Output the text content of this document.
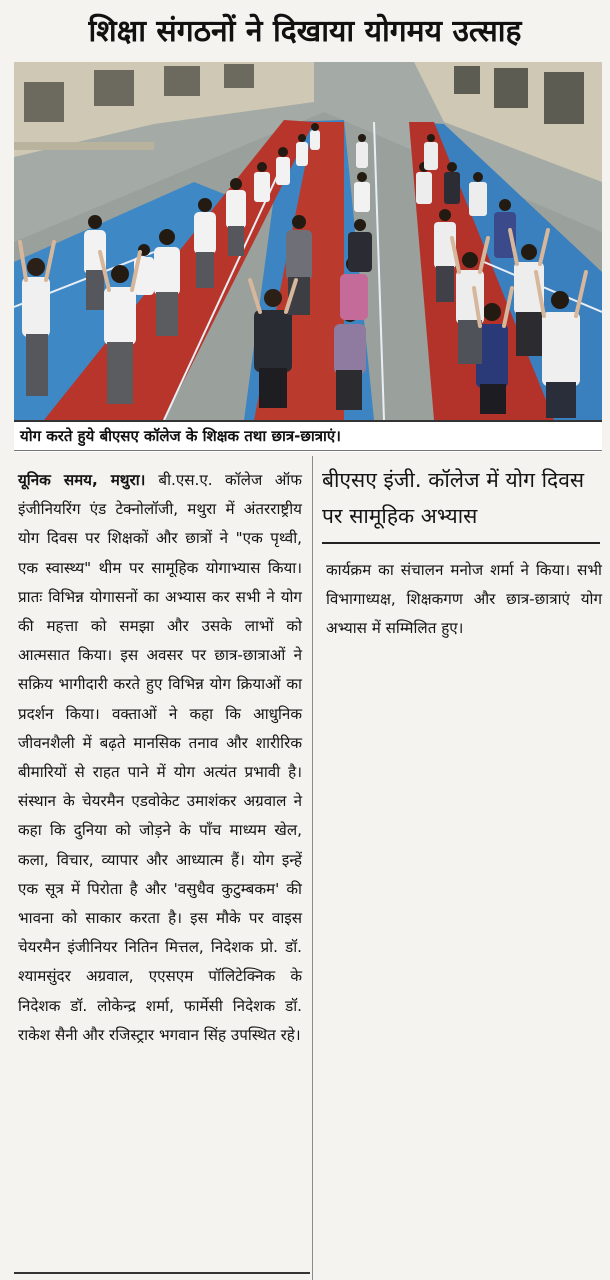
शिक्षा संगठनों ने दिखाया योगमय उत्साह
योग करते हुये बीएसए कॉलेज के शिक्षक तथा छात्र-छात्राएं।
यूनिक समय, मथुरा। बी.एस.ए. कॉलेज ऑफ इंजीनियरिंग एंड टेक्नोलॉजी, मथुरा में अंतरराष्ट्रीय योग दिवस पर शिक्षकों और छात्रों ने "एक पृथ्वी, एक स्वास्थ्य" थीम पर सामूहिक योगाभ्यास किया। प्रातः विभिन्न योगासनों का अभ्यास कर सभी ने योग की महत्ता को समझा और उसके लाभों को आत्मसात किया। इस अवसर पर छात्र-छात्राओं ने सक्रिय भागीदारी करते हुए विभिन्न योग क्रियाओं का प्रदर्शन किया। वक्ताओं ने कहा कि आधुनिक जीवनशैली में बढ़ते मानसिक तनाव और शारीरिक बीमारियों से राहत पाने में योग अत्यंत प्रभावी है। संस्थान के चेयरमैन एडवोकेट उमाशंकर अग्रवाल ने कहा कि दुनिया को जोड़ने के पाँच माध्यम खेल, कला, विचार, व्यापार और आध्यात्म हैं। योग इन्हें एक सूत्र में पिरोता है और 'वसुधैव कुटुम्बकम' की भावना को साकार करता है। इस मौके पर वाइस चेयरमैन इंजीनियर नितिन मित्तल, निदेशक प्रो. डॉ. श्यामसुंदर अग्रवाल, एएसएम पॉलिटेक्निक के निदेशक डॉ. लोकेन्द्र शर्मा, फार्मेसी निदेशक डॉ. राकेश सैनी और रजिस्ट्रार भगवान सिंह उपस्थित रहे।
बीएसए इंजी. कॉलेज में योग दिवस पर सामूहिक अभ्यास
कार्यक्रम का संचालन मनोज शर्मा ने किया। सभी विभागाध्यक्ष, शिक्षकगण और छात्र-छात्राएं योग अभ्यास में सम्मिलित हुए।
